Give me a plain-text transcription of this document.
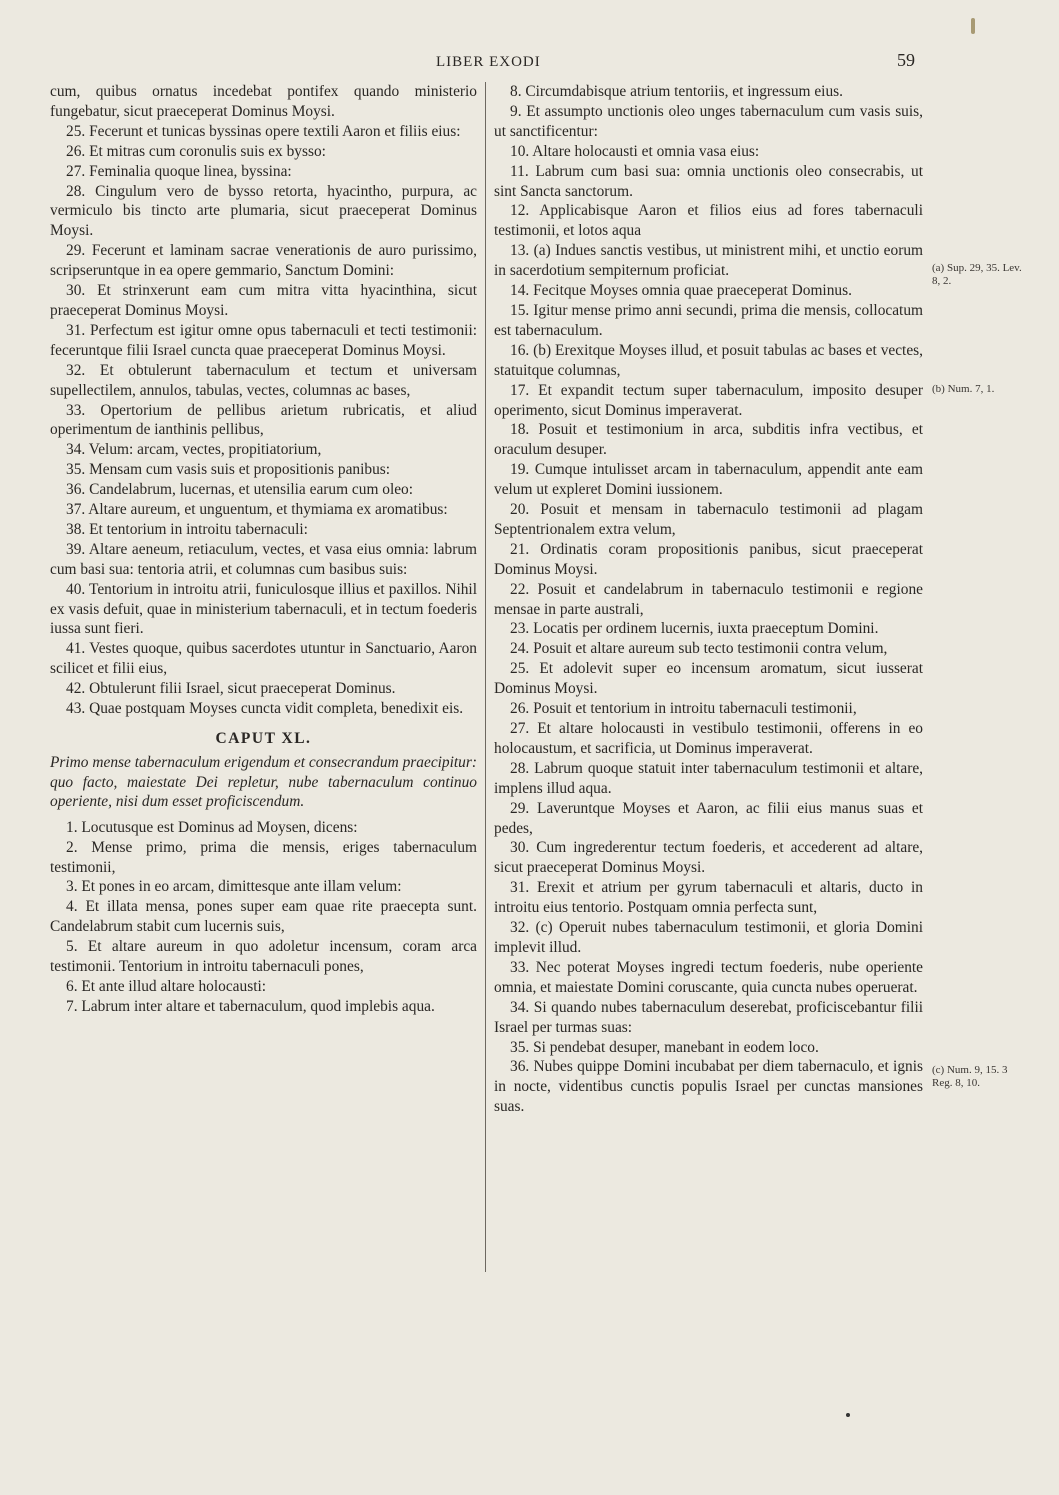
LIBER EXODI	59

cum, quibus ornatus incedebat pontifex quando ministerio fungebatur, sicut praeceperat Dominus Moysi.

25. Fecerunt et tunicas byssinas opere textili Aaron et filiis eius:

26. Et mitras cum coronulis suis ex bysso:

27. Feminalia quoque linea, byssina:

28. Cingulum vero de bysso retorta, hyacintho, purpura, ac vermiculo bis tincto arte plumaria, sicut praeceperat Dominus Moysi.

29. Fecerunt et laminam sacrae venerationis de auro purissimo, scripseruntque in ea opere gemmario, Sanctum Domini:

30. Et strinxerunt eam cum mitra vitta hyacinthina, sicut praeceperat Dominus Moysi.

31. Perfectum est igitur omne opus tabernaculi et tecti testimonii: feceruntque filii Israel cuncta quae praeceperat Dominus Moysi.

32. Et obtulerunt tabernaculum et tectum et universam supellectilem, annulos, tabulas, vectes, columnas ac bases,

33. Opertorium de pellibus arietum rubricatis, et aliud operimentum de ianthinis pellibus,

34. Velum: arcam, vectes, propitiatorium,

35. Mensam cum vasis suis et propositionis panibus:

36. Candelabrum, lucernas, et utensilia earum cum oleo:

37. Altare aureum, et unguentum, et thymiama ex aromatibus:

38. Et tentorium in introitu tabernaculi:

39. Altare aeneum, retiaculum, vectes, et vasa eius omnia: labrum cum basi sua: tentoria atrii, et columnas cum basibus suis:

40. Tentorium in introitu atrii, funiculosque illius et paxillos. Nihil ex vasis defuit, quae in ministerium tabernaculi, et in tectum foederis iussa sunt fieri.

41. Vestes quoque, quibus sacerdotes utuntur in Sanctuario, Aaron scilicet et filii eius,

42. Obtulerunt filii Israel, sicut praeceperat Dominus.

43. Quae postquam Moyses cuncta vidit completa, benedixit eis.

CAPUT XL.

Primo mense tabernaculum erigendum et consecrandum praecipitur: quo facto, maiestate Dei repletur, nube tabernaculum continuo operiente, nisi dum esset proficiscendum.

1. Locutusque est Dominus ad Moysen, dicens:

2. Mense primo, prima die mensis, eriges tabernaculum testimonii,

3. Et pones in eo arcam, dimittesque ante illam velum:

4. Et illata mensa, pones super eam quae rite praecepta sunt. Candelabrum stabit cum lucernis suis,

5. Et altare aureum in quo adoletur incensum, coram arca testimonii. Tentorium in introitu tabernaculi pones,

6. Et ante illud altare holocausti:

7. Labrum inter altare et tabernaculum, quod implebis aqua.

8. Circumdabisque atrium tentoriis, et ingressum eius.

9. Et assumpto unctionis oleo unges tabernaculum cum vasis suis, ut sanctificentur:

10. Altare holocausti et omnia vasa eius:

11. Labrum cum basi sua: omnia unctionis oleo consecrabis, ut sint Sancta sanctorum.

12. Applicabisque Aaron et filios eius ad fores tabernaculi testimonii, et lotos aqua

13. (a) Indues sanctis vestibus, ut ministrent mihi, et unctio eorum in sacerdotium sempiternum proficiat.

14. Fecitque Moyses omnia quae praeceperat Dominus.

15. Igitur mense primo anni secundi, prima die mensis, collocatum est tabernaculum.

16. (b) Erexitque Moyses illud, et posuit tabulas ac bases et vectes, statuitque columnas,

17. Et expandit tectum super tabernaculum, imposito desuper operimento, sicut Dominus imperaverat.

18. Posuit et testimonium in arca, subditis infra vectibus, et oraculum desuper.

19. Cumque intulisset arcam in tabernaculum, appendit ante eam velum ut expleret Domini iussionem.

20. Posuit et mensam in tabernaculo testimonii ad plagam Septentrionalem extra velum,

21. Ordinatis coram propositionis panibus, sicut praeceperat Dominus Moysi.

22. Posuit et candelabrum in tabernaculo testimonii e regione mensae in parte australi,

23. Locatis per ordinem lucernis, iuxta praeceptum Domini.

24. Posuit et altare aureum sub tecto testimonii contra velum,

25. Et adolevit super eo incensum aromatum, sicut iusserat Dominus Moysi.

26. Posuit et tentorium in introitu tabernaculi testimonii,

27. Et altare holocausti in vestibulo testimonii, offerens in eo holocaustum, et sacrificia, ut Dominus imperaverat.

28. Labrum quoque statuit inter tabernaculum testimonii et altare, implens illud aqua.

29. Laveruntque Moyses et Aaron, ac filii eius manus suas et pedes,

30. Cum ingrederentur tectum foederis, et accederent ad altare, sicut praeceperat Dominus Moysi.

31. Erexit et atrium per gyrum tabernaculi et altaris, ducto in introitu eius tentorio. Postquam omnia perfecta sunt,

32. (c) Operuit nubes tabernaculum testimonii, et gloria Domini implevit illud.

33. Nec poterat Moyses ingredi tectum foederis, nube operiente omnia, et maiestate Domini coruscante, quia cuncta nubes operuerat.

34. Si quando nubes tabernaculum deserebat, proficiscebantur filii Israel per turmas suas:

35. Si pendebat desuper, manebant in eodem loco.

36. Nubes quippe Domini incubabat per diem tabernaculo, et ignis in nocte, videntibus cunctis populis Israel per cunctas mansiones suas.

(a) Sup. 29, 35. Lev. 8, 2.
(b) Num. 7, 1.
(c) Num. 9, 15. 3 Reg. 8, 10.
